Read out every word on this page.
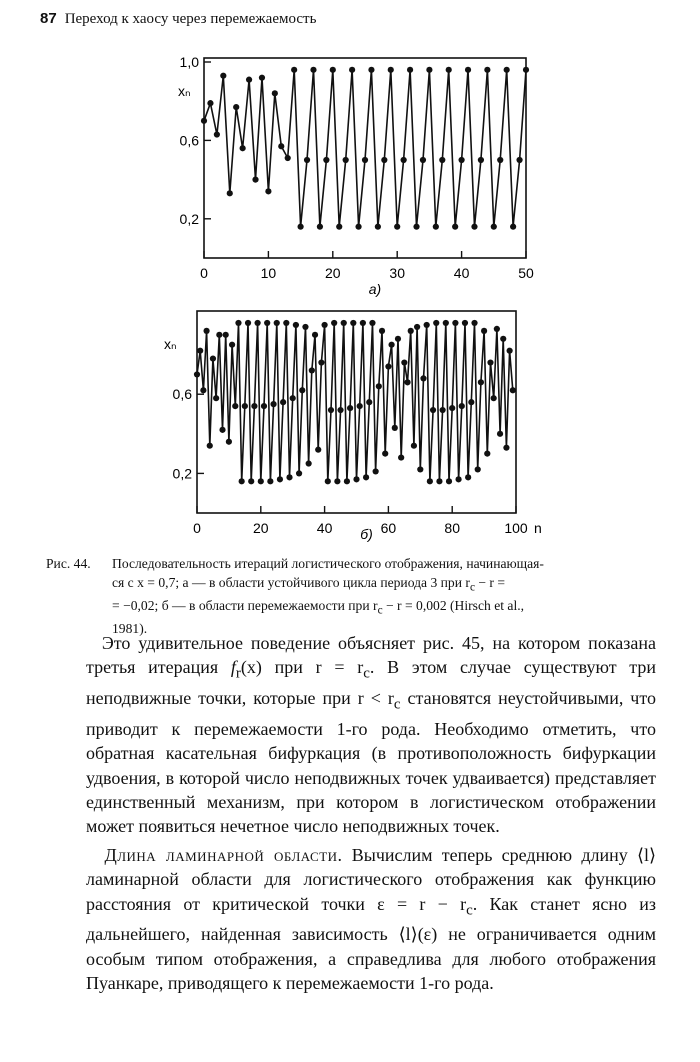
87 Переход к хаосу через перемежаемость
1,0
0,6
0,2
0	10	20	30	40	50
xₙ
а)
0,6
0,2
0	20	40	60	80	100
xₙ
n
б)
Рис. 44.	Последовательность итераций логистического отображения, начинающая-
ся с x = 0,7; a — в области устойчивого цикла периода 3 при $r_c - r$ =
= −0,02; б — в области перемежаемости при $r_c - r = 0,002$ (Hirsch et al.,
1981).
Это удивительное поведение объясняет рис. 45, на котором показана третья итерация $f_r(x)$ при $r = r_c$. В этом случае существуют три неподвижные точки, которые при $r < r_c$ становятся неустойчивыми, что приводит к перемежаемости 1-го рода. Необходимо отметить, что обратная касательная бифуркация (в противоположность бифуркации удвоения, в которой число неподвижных точек удваивается) представляет единственный механизм, при котором в логистическом отображении может появиться нечетное число неподвижных точек.
Длина ламинарной области. Вычислим теперь среднюю длину ⟨l⟩ ламинарной области для логистического отображения как функцию расстояния от критической точки $\varepsilon = r - r_c$. Как станет ясно из дальнейшего, найденная зависимость ⟨l⟩(ε) не ограничивается одним особым типом отображения, а справедлива для любого отображения Пуанкаре, приводящего к перемежаемости 1-го рода.
